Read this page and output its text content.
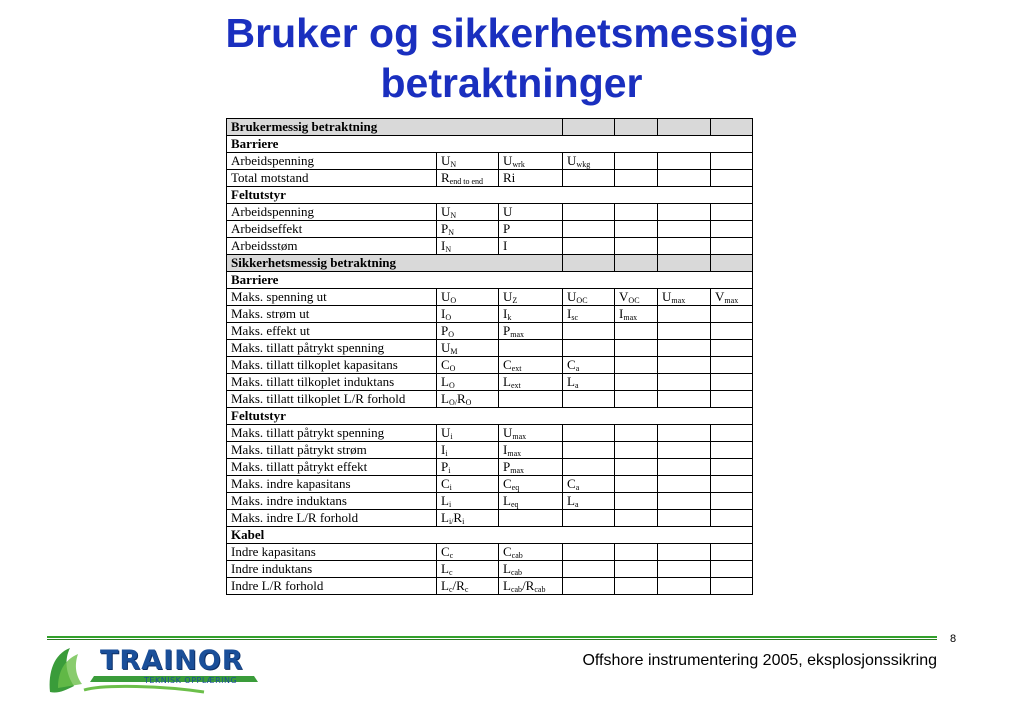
Bruker og sikkerhetsmessige
betraktninger
Brukermessig betraktning						
Barriere						
Arbeidspenning	$U_N$	$U_{wrk}$	$U_{wkg}$			
Total motstand	$R_{end to end}$	Ri				
Feltutstyr						
Arbeidspenning	$U_N$	U				
Arbeidseffekt	$P_N$	P				
Arbeidsstøm	$I_N$	I				
Sikkerhetsmessig betraktning						
Barriere						
Maks. spenning ut	$U_O$	$U_Z$	$U_{OC}$	$V_{OC}$	$U_{max}$	$V_{max}$
Maks. strøm ut	$I_O$	$I_k$	$I_{sc}$	$I_{max}$		
Maks. effekt ut	$P_O$	$P_{max}$				
Maks. tillatt påtrykt spenning	$U_M$					
Maks. tillatt tilkoplet kapasitans	$C_O$	$C_{ext}$	$C_a$			
Maks. tillatt tilkoplet induktans	$L_O$	$L_{ext}$	$L_a$			
Maks. tillatt tilkoplet L/R forhold	$L_{O/}R_O$					
Feltutstyr						
Maks. tillatt påtrykt spenning	$U_i$	$U_{max}$				
Maks. tillatt påtrykt strøm	$I_i$	$I_{max}$				
Maks. tillatt påtrykt effekt	$P_i$	$P_{max}$				
Maks. indre kapasitans	$C_i$	$C_{eq}$	$C_a$			
Maks. indre induktans	$L_i$	$L_{eq}$	$L_a$			
Maks. indre L/R forhold	$L_{i/}R_i$					
Kabel						
Indre kapasitans	$C_c$	$C_{cab}$				
Indre induktans	$L_c$	$L_{cab}$				
Indre L/R forhold	$L_c/R_c$	$L_{cab}/R_{cab}$				
8
Offshore instrumentering 2005, eksplosjonssikring
TRAINOR
TEKNISK OPPLÆRING
